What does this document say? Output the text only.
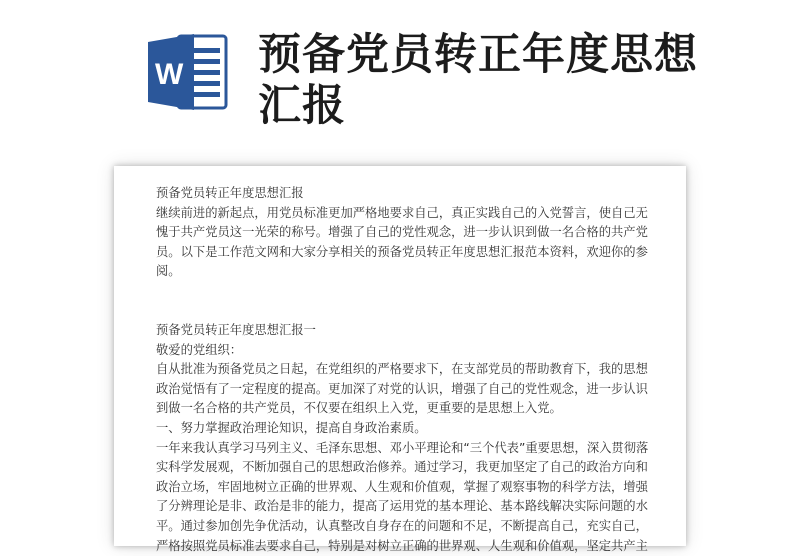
W 预备党员转正年度思想汇报

预备党员转正年度思想汇报

继续前进的新起点，用党员标准更加严格地要求自己，真正实践自己的入党誓言，使自己无愧于共产党员这一光荣的称号。增强了自己的党性观念，进一步认识到做一名合格的共产党员。以下是工作范文网和大家分享相关的预备党员转正年度思想汇报范本资料，欢迎你的参阅。

预备党员转正年度思想汇报一

敬爱的党组织：

自从批准为预备党员之日起，在党组织的严格要求下，在支部党员的帮助教育下，我的思想政治觉悟有了一定程度的提高。更加深了对党的认识，增强了自己的党性观念，进一步认识到做一名合格的共产党员，不仅要在组织上入党，更重要的是思想上入党。

一、努力掌握政治理论知识，提高自身政治素质。

一年来我认真学习马列主义、毛泽东思想、邓小平理论和“三个代表”重要思想，深入贯彻落实科学发展观，不断加强自己的思想政治修养。通过学习，我更加坚定了自己的政治方向和政治立场，牢固地树立正确的世界观、人生观和价值观，掌握了观察事物的科学方法，增强了分辨理论是非、政治是非的能力，提高了运用党的基本理论、基本路线解决实际问题的水平。通过参加创先争优活动，认真整改自身存在的问题和不足，不断提高自己，充实自己，严格按照党员标准去要求自己，特别是对树立正确的世界观、人生观和价值观，坚定共产主
